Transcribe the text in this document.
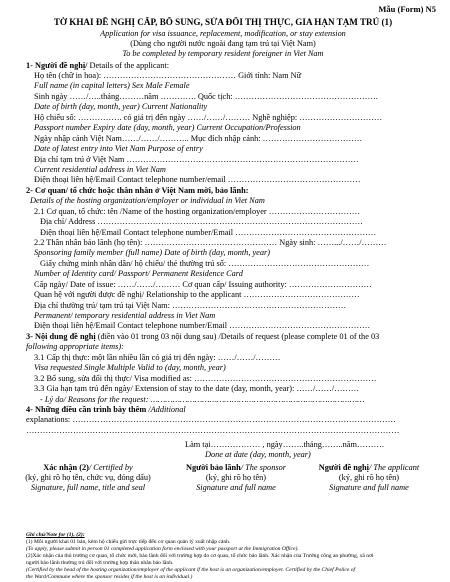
Mẫu (Form) N5
TỜ KHAI ĐỀ NGHỊ CẤP, BỔ SUNG, SỬA ĐỔI THỊ THỰC, GIA HẠN TẠM TRÚ (1)
Application for visa issuance, replacement, modification, or stay extension
(Dùng cho người nước ngoài đang tạm trú tại Việt Nam)
To be completed by temporary resident foreigner in Viet Nam
1- Người đề nghị/ Details of the applicant:
Họ tên (chữ in hoa): ………………………………………… Giới tính: Nam Nữ
Full name (in capital letters) Sex Male Female
Sinh ngày ……/…..tháng………năm …………. Quốc tịch: …………………………………………….
Date of birth (day, month, year) Current Nationality
Hộ chiếu số: ……………. có giá trị đến ngày ……/……/……… Nghề nghiệp: …………………………
Passport number Expiry date (day, month, year) Current Occupation/Profession
Ngày nhập cảnh Việt Nam……/……/……….. Mục đích nhập cảnh: ………………………………
Date of latest entry into Viet Nam Purpose of entry
Địa chỉ tạm trú ở Việt Nam …………………………………………………………………………
Current residential address in Viet Nam
Điện thoại liên hệ/Email Contact telephone number/email …………………………………………
2- Cơ quan/ tổ chức hoặc thân nhân ở Việt Nam mời, bảo lãnh:
Details of the hosting organization/employer or individual in Viet Nam
2.1 Cơ quan, tổ chức: tên /Name of the hosting organization/employer ……………………………
Địa chỉ/ Address ……………………………………………………………………………………
Điện thoại liên hệ/Email Contact telephone number/Email ……………………………………………
2.2 Thân nhân bảo lãnh (họ tên): ………………………………………… Ngày sinh: …….../……/………
Sponsoring family member (full name) Date of birth (day, month, year)
Giấy chứng minh nhân dân/ hộ chiếu/ thẻ thường trú số: ……………………………………………
Number of Identity card/ Passport/ Permanent Residence Card
Cấp ngày/ Date of issue: ……/……/……… Cơ quan cấp/ Issuing authority: …………………………
Quan hệ với người được đề nghị/ Relationship to the applicant ……………………………………
Địa chỉ thường trú/ tạm trú tại Việt Nam: ………………………………………………………
Permanent/ temporary residential address in Viet Nam
Điện thoại liên hệ/Email Contact telephone number/Email ……………………………………………
3- Nội dung đề nghị (điền vào 01 trong 03 nội dung sau) /Details of request (please complete 01 of the 03
following appropriate items):
3.1 Cấp thị thực: một lần nhiều lần có giá trị đến ngày: ……/……/………
Visa requested Single Multiple Valid to (day, month, year)
3.2 Bổ sung, sửa đổi thị thực/ Visa modified as: …………………………………………………………
3.3 Gia hạn tạm trú đến ngày/ Extension of stay to the date (day, month, year): ……/……/………
- Lý do/ Reasons for the request: ……………………………………………………………………………
4- Những điều cần trình bày thêm /Additional
explanations: ………………………………………………………………………………………………………
………………………………………………………………………………………………………………………
Làm tại……………… , ngày……..tháng……..năm……….
Done at date (day, month, year)
Xác nhận (2)/ Certified by
(ký, ghi rõ họ tên, chức vụ, đóng dấu)
Signature, full name, title and seal
Người bảo lãnh/ The sponsor
(ký, ghi rõ họ tên)
Signature and full name
Người đề nghị/ The applicant
(ký, ghi rõ họ tên)
Signature and full name
Ghi chú/Note for (1), (2):
(1) Mỗi người khai 01 bản, kèm hộ chiếu gửi trực tiếp đến cơ quan quản lý xuất nhập cảnh.
(To apply, please submit in person 01 completed application form enclosed with your passport at the Immigration Office).
(2)Xác nhận của thủ trưởng cơ quan, tổ chức mời, bảo lãnh đối với trường hợp do cơ quan, tổ chức bảo lãnh. Xác nhận của Trưởng công an phường, xã nơi
người bảo lãnh thường trú đối với trường hợp thân nhân bảo lãnh.
(Certified by the head of the hosting organization/employer of the applicant if the host is an organization/employer. Certified by the Chief Police of
the Ward/Commune where the sponsor resides if the host is an individual.)
